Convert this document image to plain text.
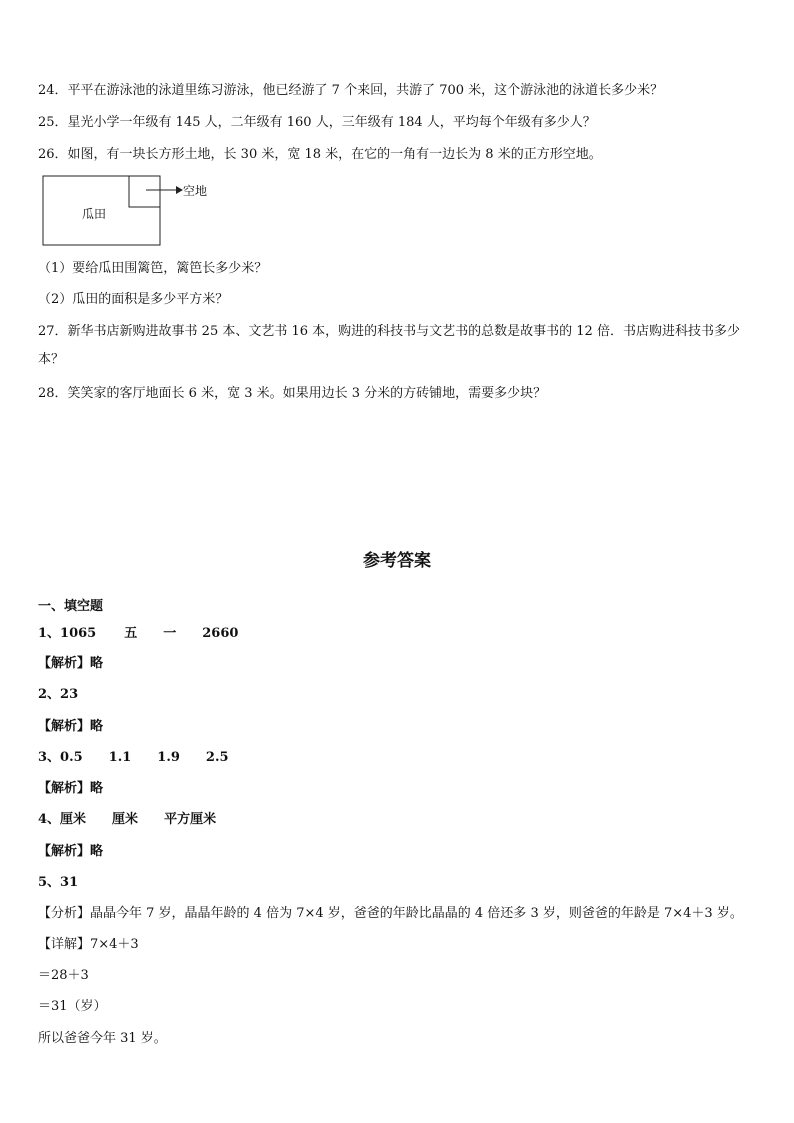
24．平平在游泳池的泳道里练习游泳，他已经游了 7 个来回，共游了 700 米，这个游泳池的泳道长多少米？
25．星光小学一年级有 145 人，二年级有 160 人，三年级有 184 人，平均每个年级有多少人？
26．如图，有一块长方形土地，长 30 米，宽 18 米，在它的一角有一边长为 8 米的正方形空地。
瓜田
空地
（1）要给瓜田围篱笆，篱笆长多少米？
（2）瓜田的面积是多少平方米？
27．新华书店新购进故事书 25 本、文艺书 16 本，购进的科技书与文艺书的总数是故事书的 12 倍．书店购进科技书多少本？
28．笑笑家的客厅地面长 6 米，宽 3 米。如果用边长 3 分米的方砖铺地，需要多少块？
参考答案
一、填空题
1、1065 五 一 2660
【解析】略
2、23
【解析】略
3、0.5 1.1 1.9 2.5
【解析】略
4、厘米 厘米 平方厘米
【解析】略
5、31
【分析】晶晶今年 7 岁，晶晶年龄的 4 倍为 7×4 岁，爸爸的年龄比晶晶的 4 倍还多 3 岁，则爸爸的年龄是 7×4＋3 岁。
【详解】7×4＋3
＝28＋3
＝31（岁）
所以爸爸今年 31 岁。
